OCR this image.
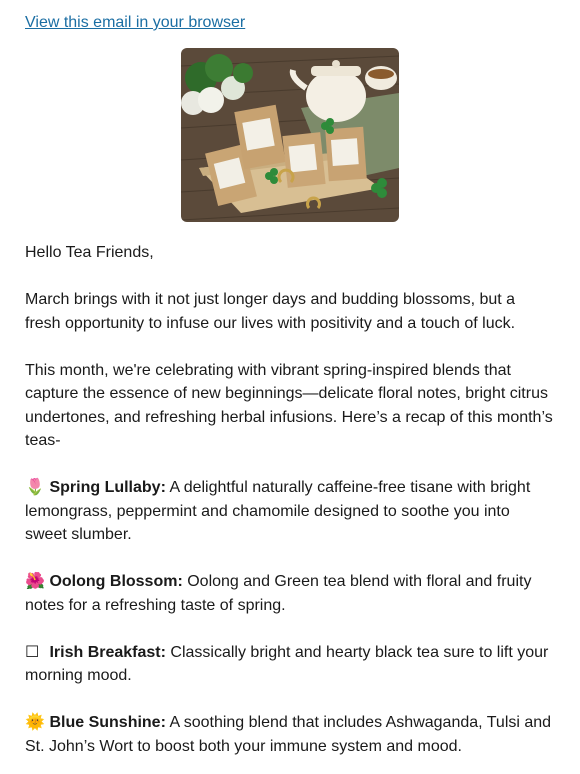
View this email in your browser

Hello Tea Friends,

March brings with it not just longer days and budding blossoms, but a fresh opportunity to infuse our lives with positivity and a touch of luck.

This month, we're celebrating with vibrant spring-inspired blends that capture the essence of new beginnings—delicate floral notes, bright citrus undertones, and refreshing herbal infusions. Here’s a recap of this month’s teas-

🌷 Spring Lullaby: A delightful naturally caffeine-free tisane with bright lemongrass, peppermint and chamomile designed to soothe you into sweet slumber.

🌺 Oolong Blossom: Oolong and Green tea blend with floral and fruity notes for a refreshing taste of spring.

☐ Irish Breakfast: Classically bright and hearty black tea sure to lift your morning mood.

🌞 Blue Sunshine: A soothing blend that includes Ashwaganda, Tulsi and St. John’s Wort to boost both your immune system and mood.
